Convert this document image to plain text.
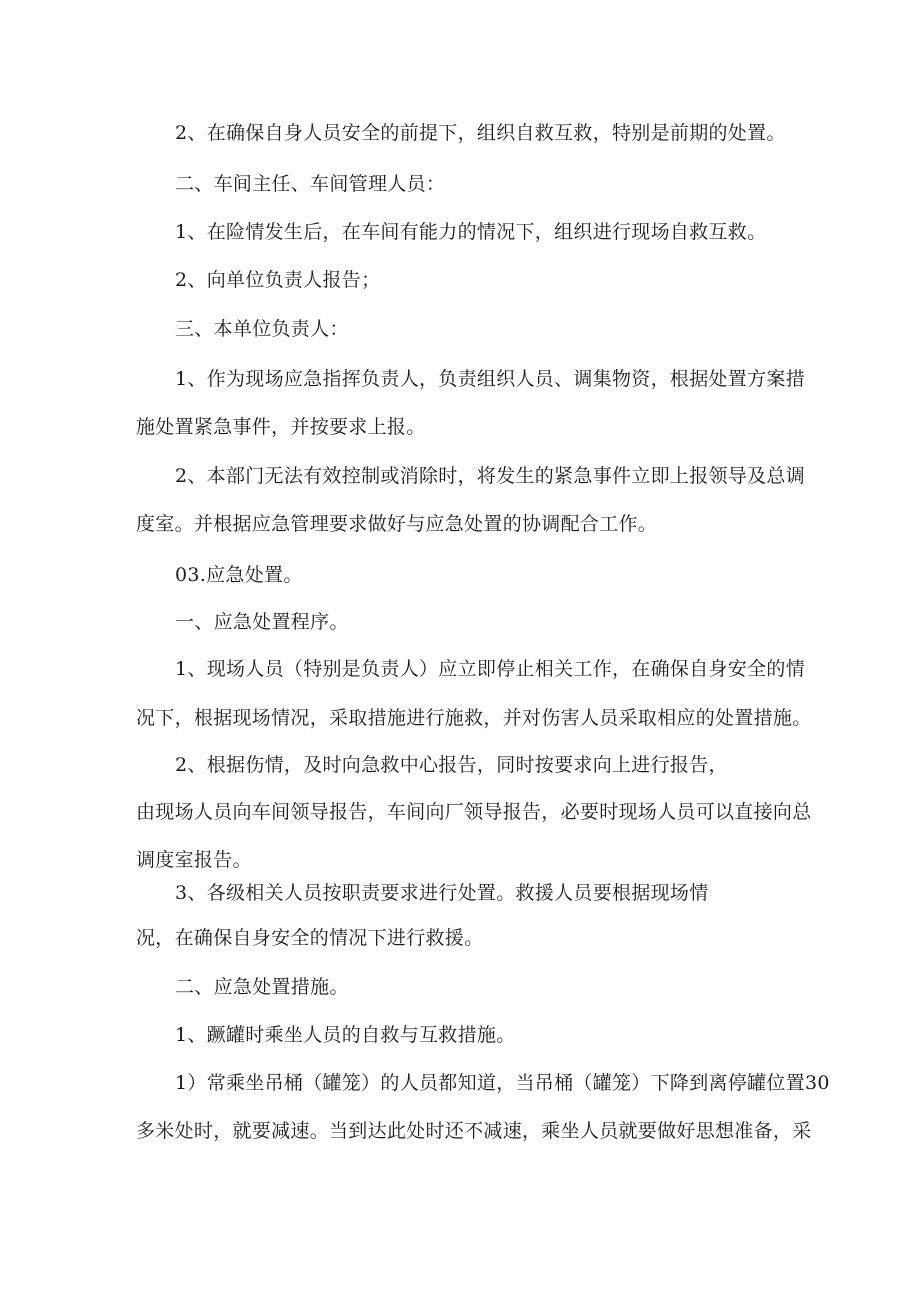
2、在确保自身人员安全的前提下，组织自救互救，特别是前期的处置。
二、车间主任、车间管理人员：
1、在险情发生后，在车间有能力的情况下，组织进行现场自救互救。
2、向单位负责人报告；
三、本单位负责人：
1、作为现场应急指挥负责人，负责组织人员、调集物资，根据处置方案措
施处置紧急事件，并按要求上报。
2、本部门无法有效控制或消除时，将发生的紧急事件立即上报领导及总调
度室。并根据应急管理要求做好与应急处置的协调配合工作。
03.应急处置。
一、应急处置程序。
1、现场人员（特别是负责人）应立即停止相关工作，在确保自身安全的情
况下，根据现场情况，采取措施进行施救，并对伤害人员采取相应的处置措施。
2、根据伤情，及时向急救中心报告，同时按要求向上进行报告，
由现场人员向车间领导报告，车间向厂领导报告，必要时现场人员可以直接向总
调度室报告。
3、各级相关人员按职责要求进行处置。救援人员要根据现场情
况，在确保自身安全的情况下进行救援。
二、应急处置措施。
1、蹶罐时乘坐人员的自救与互救措施。
1）常乘坐吊桶（罐笼）的人员都知道，当吊桶（罐笼）下降到离停罐位置30
多米处时，就要减速。当到达此处时还不减速，乘坐人员就要做好思想准备，采
